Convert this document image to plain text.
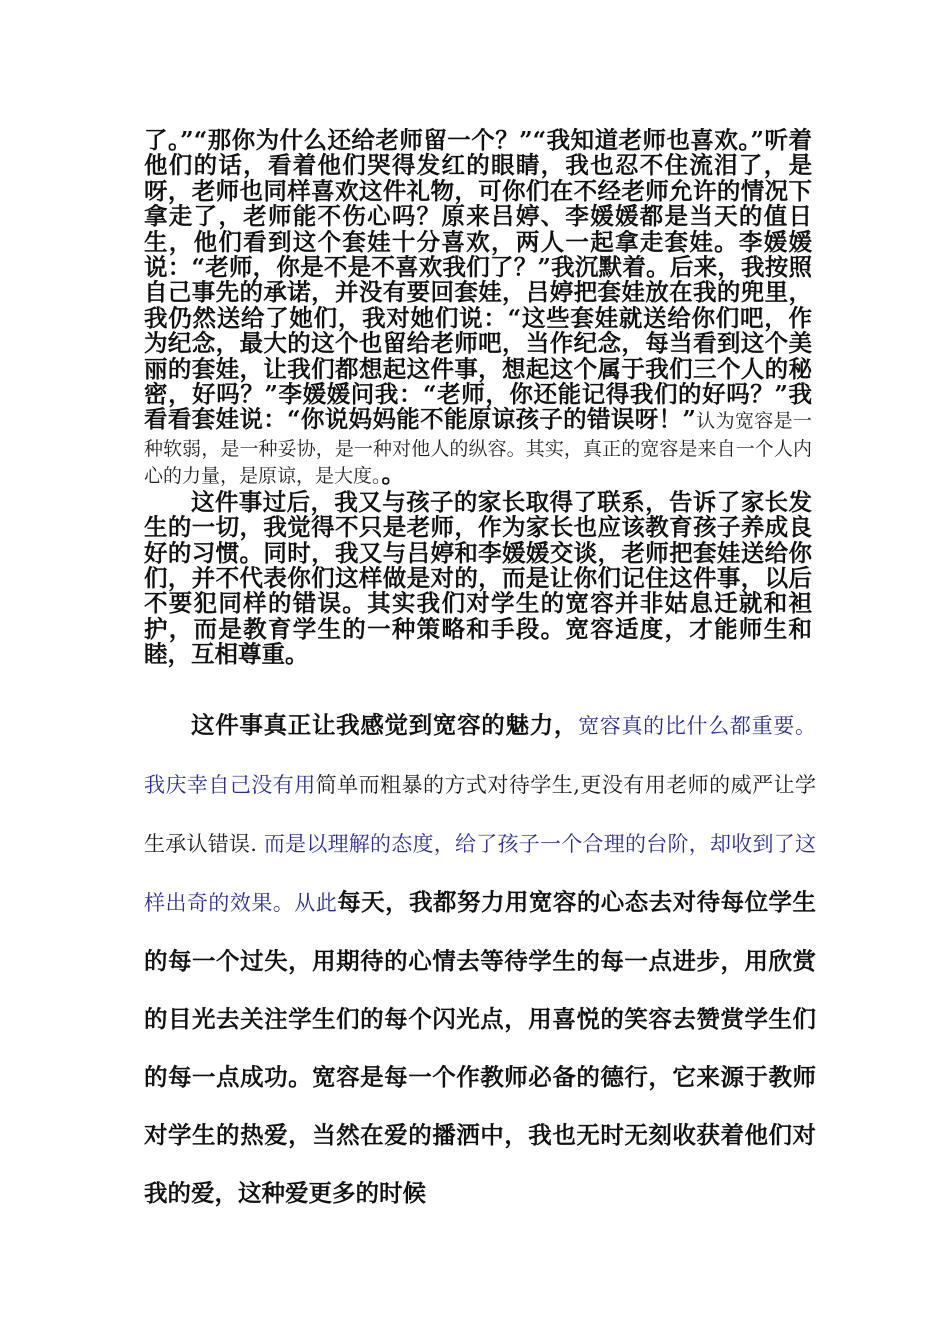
了。”“那你为什么还给老师留一个？”“我知道老师也喜欢。”听着他们的话，看着他们哭得发红的眼睛，我也忍不住流泪了，是呀，老师也同样喜欢这件礼物，可你们在不经老师允许的情况下拿走了，老师能不伤心吗？原来吕婷、李媛媛都是当天的值日生，他们看到这个套娃十分喜欢，两人一起拿走套娃。李媛媛说：“老师，你是不是不喜欢我们了？”我沉默着。后来，我按照自己事先的承诺，并没有要回套娃，吕婷把套娃放在我的兜里，我仍然送给了她们，我对她们说：“这些套娃就送给你们吧，作为纪念，最大的这个也留给老师吧，当作纪念，每当看到这个美丽的套娃，让我们都想起这件事，想起这个属于我们三个人的秘密，好吗？”李媛媛问我：“老师，你还能记得我们的好吗？”我看看套娃说：“你说妈妈能不能原谅孩子的错误呀！”认为宽容是一种软弱，是一种妥协，是一种对他人的纵容。其实，真正的宽容是来自一个人内心的力量，是原谅，是大度。。

这件事过后，我又与孩子的家长取得了联系，告诉了家长发生的一切，我觉得不只是老师，作为家长也应该教育孩子养成良好的习惯。同时，我又与吕婷和李媛媛交谈，老师把套娃送给你们，并不代表你们这样做是对的，而是让你们记住这件事，以后不要犯同样的错误。其实我们对学生的宽容并非姑息迁就和袒护，而是教育学生的一种策略和手段。宽容适度，才能师生和睦，互相尊重。

这件事真正让我感觉到宽容的魅力，宽容真的比什么都重要。我庆幸自己没有用简单而粗暴的方式对待学生,更没有用老师的威严让学生承认错误. 而是以理解的态度，给了孩子一个合理的台阶，却收到了这样出奇的效果。从此每天，我都努力用宽容的心态去对待每位学生的每一个过失，用期待的心情去等待学生的每一点进步，用欣赏的目光去关注学生们的每个闪光点，用喜悦的笑容去赞赏学生们的每一点成功。宽容是每一个作教师必备的德行，它来源于教师对学生的热爱，当然在爱的播洒中，我也无时无刻收获着他们对我的爱，这种爱更多的时候
